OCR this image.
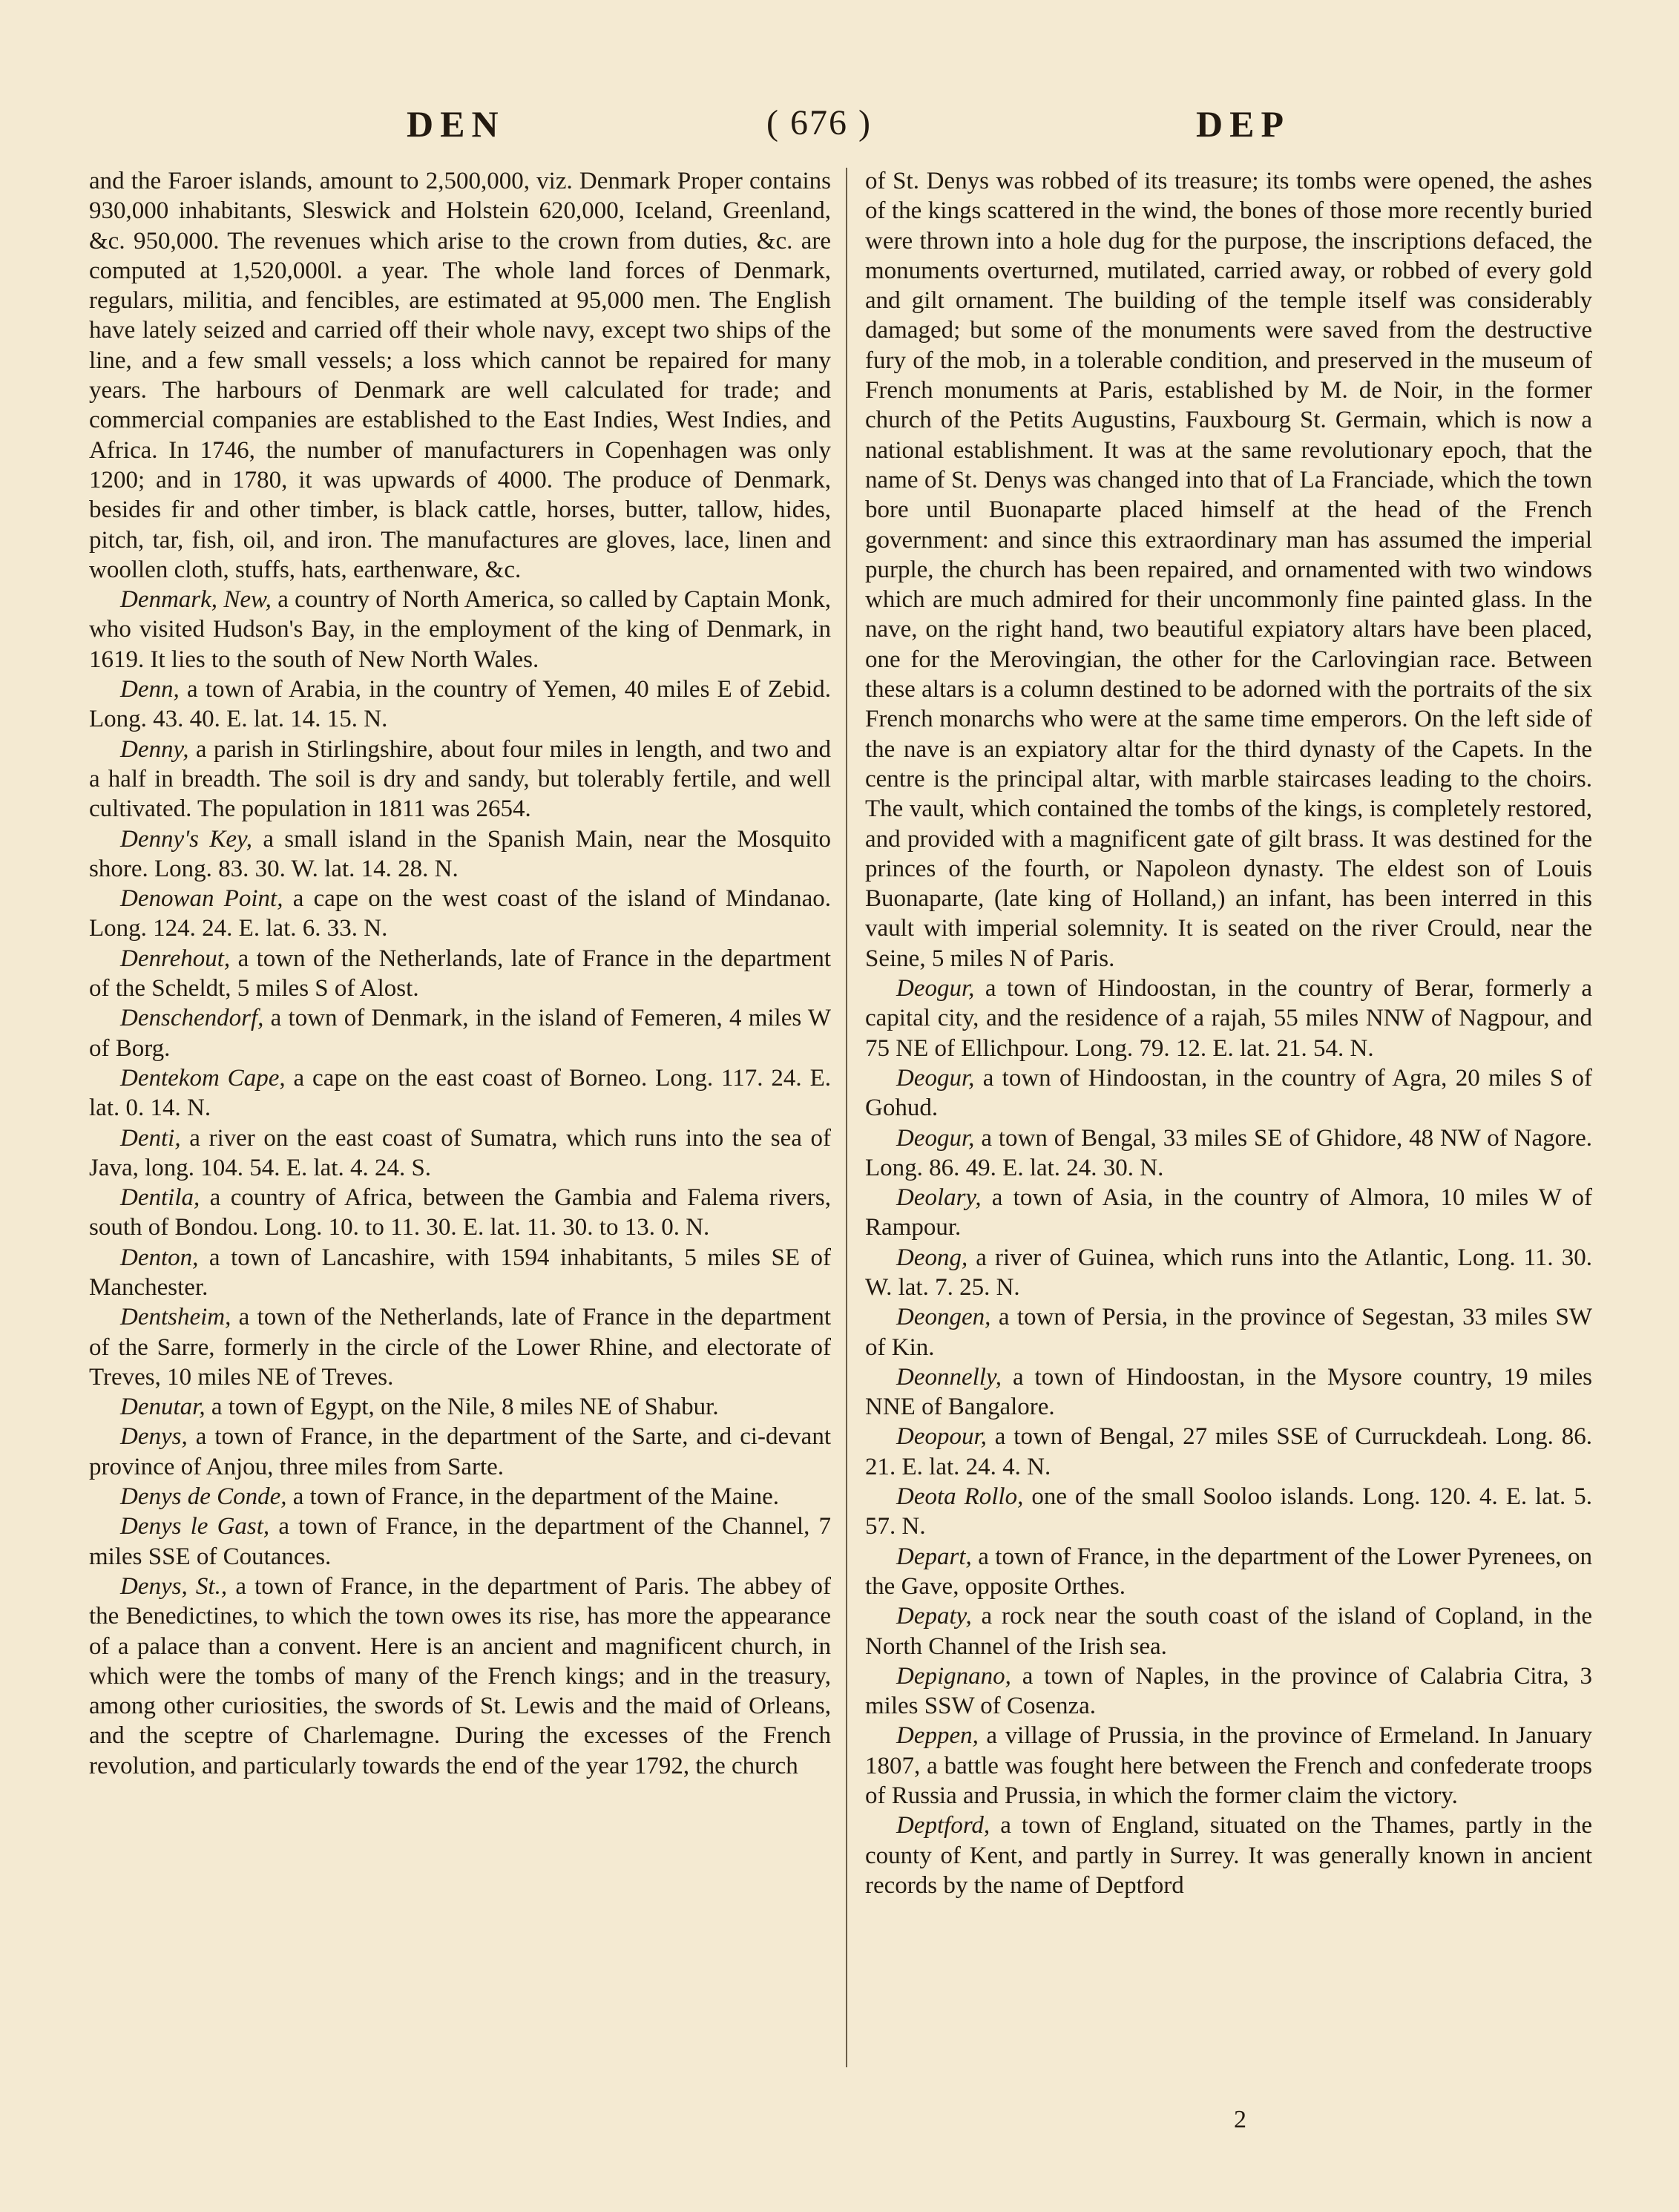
DEN	( 676 )	DEP

and the Faroer islands, amount to 2,500,000, viz. Denmark Proper contains 930,000 inhabitants, Sleswick and Holstein 620,000, Iceland, Greenland, &c. 950,000. The revenues which arise to the crown from duties, &c. are computed at 1,520,000l. a year. The whole land forces of Denmark, regulars, militia, and fencibles, are estimated at 95,000 men. The English have lately seized and carried off their whole navy, except two ships of the line, and a few small vessels; a loss which cannot be repaired for many years. The harbours of Denmark are well calculated for trade; and commercial companies are established to the East Indies, West Indies, and Africa. In 1746, the number of manufacturers in Copenhagen was only 1200; and in 1780, it was upwards of 4000. The produce of Denmark, besides fir and other timber, is black cattle, horses, butter, tallow, hides, pitch, tar, fish, oil, and iron. The manufactures are gloves, lace, linen and woollen cloth, stuffs, hats, earthenware, &c.

Denmark, New, a country of North America, so called by Captain Monk, who visited Hudson's Bay, in the employment of the king of Denmark, in 1619. It lies to the south of New North Wales.

Denn, a town of Arabia, in the country of Yemen, 40 miles E of Zebid. Long. 43. 40. E. lat. 14. 15. N.

Denny, a parish in Stirlingshire, about four miles in length, and two and a half in breadth. The soil is dry and sandy, but tolerably fertile, and well cultivated. The population in 1811 was 2654.

Denny's Key, a small island in the Spanish Main, near the Mosquito shore. Long. 83. 30. W. lat. 14. 28. N.

Denowan Point, a cape on the west coast of the island of Mindanao. Long. 124. 24. E. lat. 6. 33. N.

Denrehout, a town of the Netherlands, late of France in the department of the Scheldt, 5 miles S of Alost.

Denschendorf, a town of Denmark, in the island of Femeren, 4 miles W of Borg.

Dentekom Cape, a cape on the east coast of Borneo. Long. 117. 24. E. lat. 0. 14. N.

Denti, a river on the east coast of Sumatra, which runs into the sea of Java, long. 104. 54. E. lat. 4. 24. S.

Dentila, a country of Africa, between the Gambia and Falema rivers, south of Bondou. Long. 10. to 11. 30. E. lat. 11. 30. to 13. 0. N.

Denton, a town of Lancashire, with 1594 inhabitants, 5 miles SE of Manchester.

Dentsheim, a town of the Netherlands, late of France in the department of the Sarre, formerly in the circle of the Lower Rhine, and electorate of Treves, 10 miles NE of Treves.

Denutar, a town of Egypt, on the Nile, 8 miles NE of Shabur.

Denys, a town of France, in the department of the Sarte, and ci-devant province of Anjou, three miles from Sarte.

Denys de Conde, a town of France, in the department of the Maine.

Denys le Gast, a town of France, in the department of the Channel, 7 miles SSE of Coutances.

Denys, St., a town of France, in the department of Paris. The abbey of the Benedictines, to which the town owes its rise, has more the appearance of a palace than a convent. Here is an ancient and magnificent church, in which were the tombs of many of the French kings; and in the treasury, among other curiosities, the swords of St. Lewis and the maid of Orleans, and the sceptre of Charlemagne. During the excesses of the French revolution, and particularly towards the end of the year 1792, the church

of St. Denys was robbed of its treasure; its tombs were opened, the ashes of the kings scattered in the wind, the bones of those more recently buried were thrown into a hole dug for the purpose, the inscriptions defaced, the monuments overturned, mutilated, carried away, or robbed of every gold and gilt ornament. The building of the temple itself was considerably damaged; but some of the monuments were saved from the destructive fury of the mob, in a tolerable condition, and preserved in the museum of French monuments at Paris, established by M. de Noir, in the former church of the Petits Augustins, Fauxbourg St. Germain, which is now a national establishment. It was at the same revolutionary epoch, that the name of St. Denys was changed into that of La Franciade, which the town bore until Buonaparte placed himself at the head of the French government: and since this extraordinary man has assumed the imperial purple, the church has been repaired, and ornamented with two windows which are much admired for their uncommonly fine painted glass. In the nave, on the right hand, two beautiful expiatory altars have been placed, one for the Merovingian, the other for the Carlovingian race. Between these altars is a column destined to be adorned with the portraits of the six French monarchs who were at the same time emperors. On the left side of the nave is an expiatory altar for the third dynasty of the Capets. In the centre is the principal altar, with marble staircases leading to the choirs. The vault, which contained the tombs of the kings, is completely restored, and provided with a magnificent gate of gilt brass. It was destined for the princes of the fourth, or Napoleon dynasty. The eldest son of Louis Buonaparte, (late king of Holland,) an infant, has been interred in this vault with imperial solemnity. It is seated on the river Crould, near the Seine, 5 miles N of Paris.

Deogur, a town of Hindoostan, in the country of Berar, formerly a capital city, and the residence of a rajah, 55 miles NNW of Nagpour, and 75 NE of Ellichpour. Long. 79. 12. E. lat. 21. 54. N.

Deogur, a town of Hindoostan, in the country of Agra, 20 miles S of Gohud.

Deogur, a town of Bengal, 33 miles SE of Ghidore, 48 NW of Nagore. Long. 86. 49. E. lat. 24. 30. N.

Deolary, a town of Asia, in the country of Almora, 10 miles W of Rampour.

Deong, a river of Guinea, which runs into the Atlantic, Long. 11. 30. W. lat. 7. 25. N.

Deongen, a town of Persia, in the province of Segestan, 33 miles SW of Kin.

Deonnelly, a town of Hindoostan, in the Mysore country, 19 miles NNE of Bangalore.

Deopour, a town of Bengal, 27 miles SSE of Curruckdeah. Long. 86. 21. E. lat. 24. 4. N.

Deota Rollo, one of the small Sooloo islands. Long. 120. 4. E. lat. 5. 57. N.

Depart, a town of France, in the department of the Lower Pyrenees, on the Gave, opposite Orthes.

Depaty, a rock near the south coast of the island of Copland, in the North Channel of the Irish sea.

Depignano, a town of Naples, in the province of Calabria Citra, 3 miles SSW of Cosenza.

Deppen, a village of Prussia, in the province of Ermeland. In January 1807, a battle was fought here between the French and confederate troops of Russia and Prussia, in which the former claim the victory.

Deptford, a town of England, situated on the Thames, partly in the county of Kent, and partly in Surrey. It was generally known in ancient records by the name of Deptford

2
